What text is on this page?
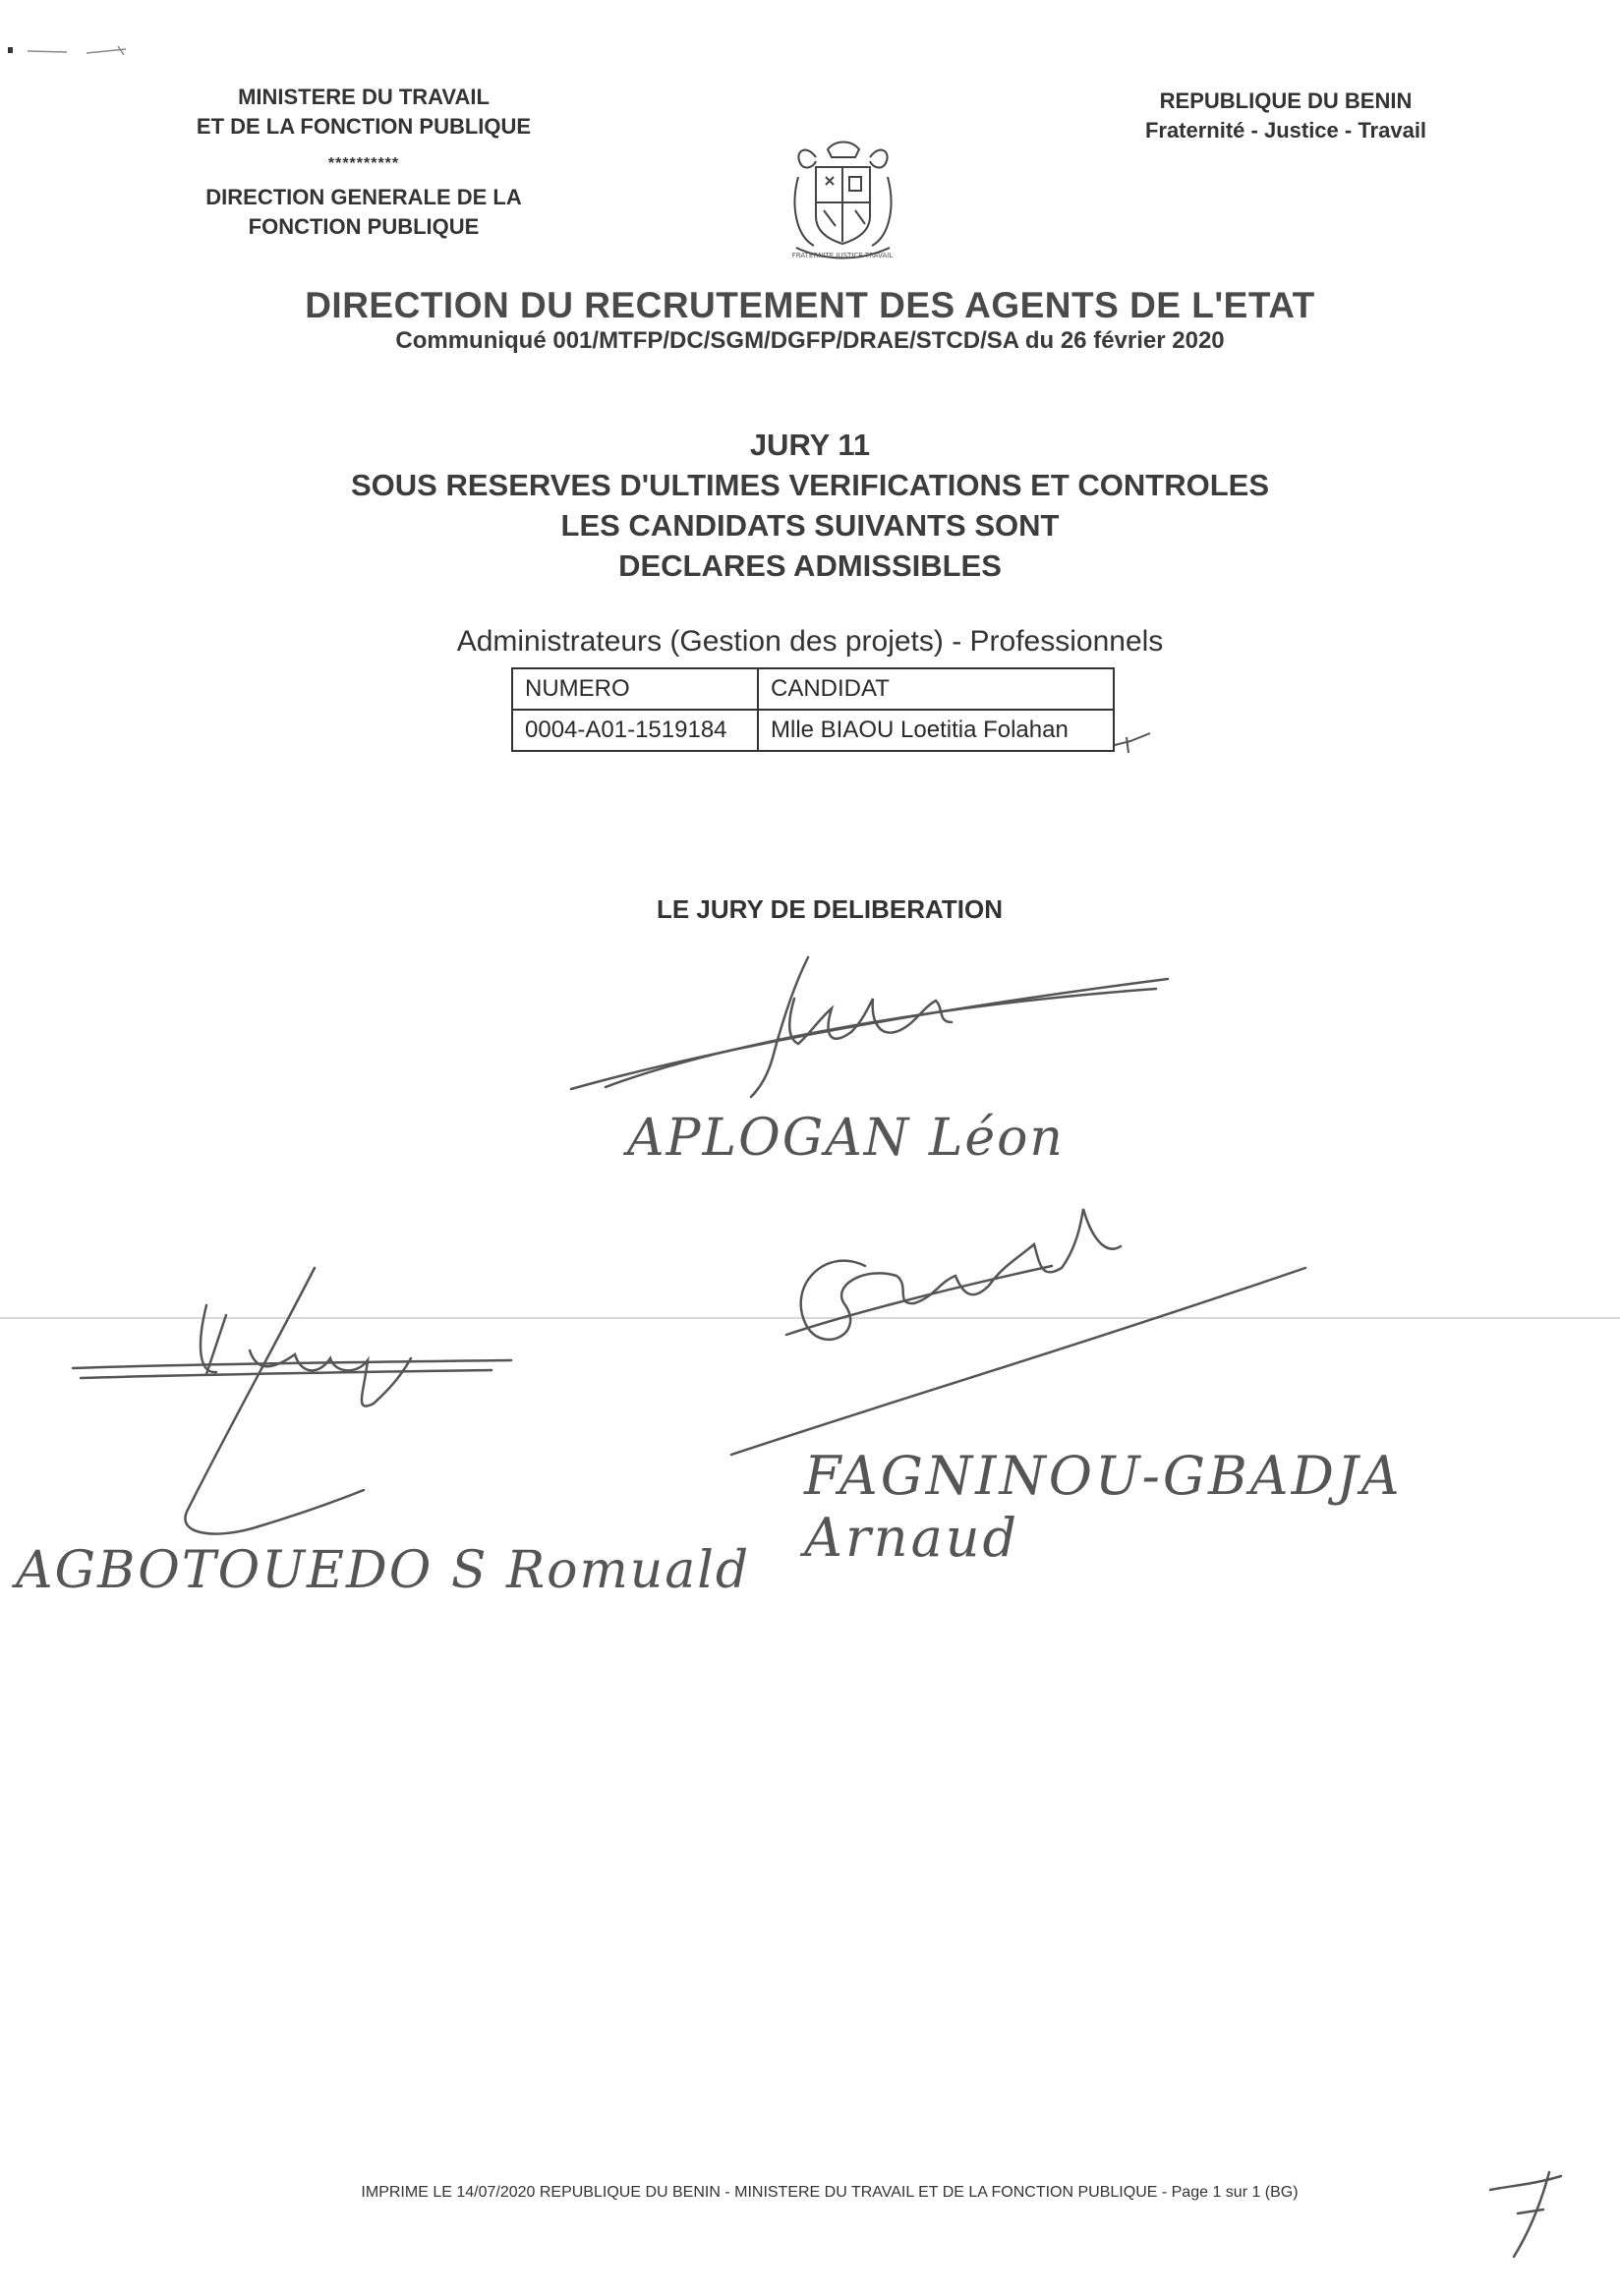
MINISTERE DU TRAVAIL
ET DE LA FONCTION PUBLIQUE
**********
DIRECTION GENERALE DE LA
FONCTION PUBLIQUE
REPUBLIQUE DU BENIN
Fraternité - Justice - Travail
FRATERNITE JUSTICE TRAVAIL
DIRECTION DU RECRUTEMENT DES AGENTS DE L'ETAT
Communiqué 001/MTFP/DC/SGM/DGFP/DRAE/STCD/SA du 26 février 2020
JURY 11
SOUS RESERVES D'ULTIMES VERIFICATIONS ET CONTROLES
LES CANDIDATS SUIVANTS SONT
DECLARES ADMISSIBLES
Administrateurs (Gestion des projets) - Professionnels
NUMERO	CANDIDAT
0004-A01-1519184	Mlle BIAOU Loetitia Folahan
LE JURY DE DELIBERATION
APLOGAN Léon
FAGNINOU-GBADJA Arnaud
AGBOTOUEDO S Romuald
IMPRIME LE 14/07/2020 REPUBLIQUE DU BENIN - MINISTERE DU TRAVAIL ET DE LA FONCTION PUBLIQUE - Page 1 sur 1 (BG)
1
